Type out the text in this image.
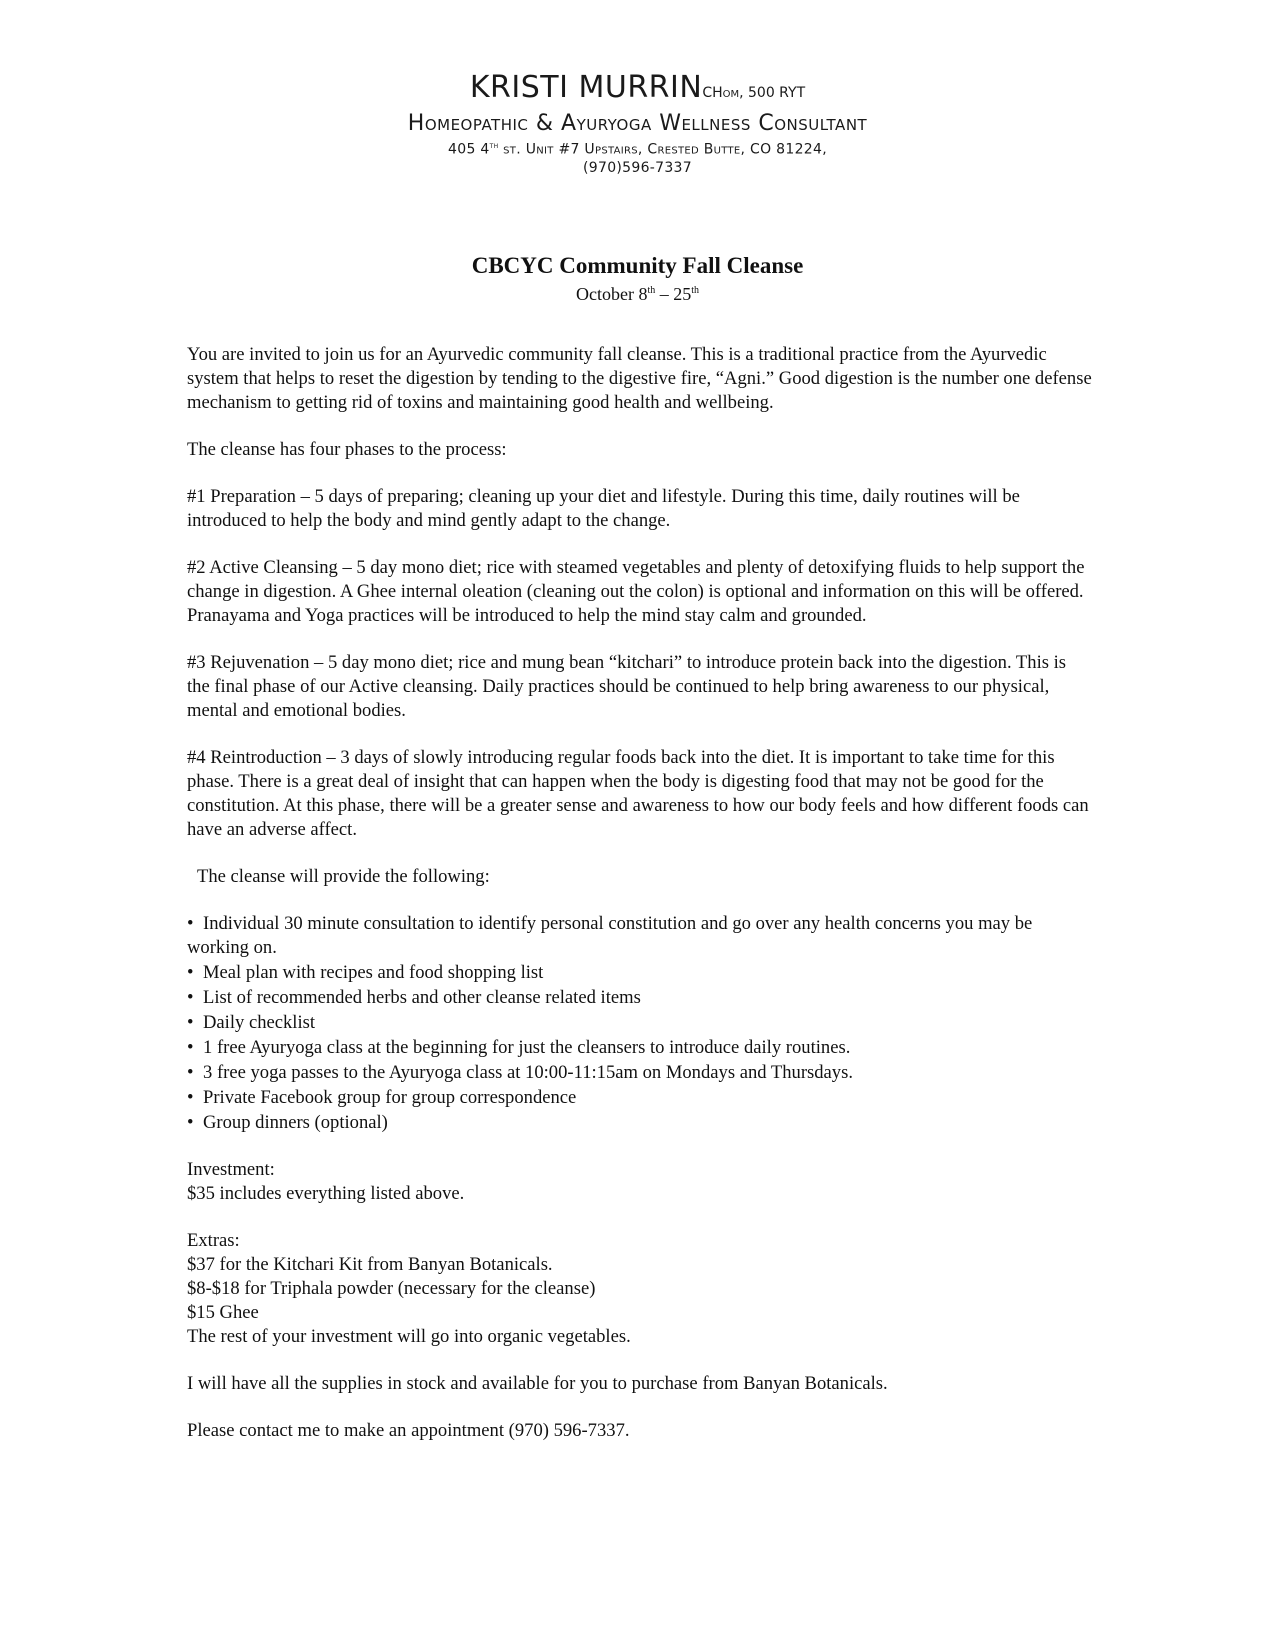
KRISTI MURRINCHom, 500 RYT
Homeopathic & Ayuryoga Wellness Consultant
405 4th st. Unit #7 Upstairs, Crested Butte, CO 81224,
(970)596-7337
CBCYC Community Fall Cleanse
October 8th – 25th

You are invited to join us for an Ayurvedic community fall cleanse. This is a traditional practice from the Ayurvedic system that helps to reset the digestion by tending to the digestive fire, “Agni.” Good digestion is the number one defense mechanism to getting rid of toxins and maintaining good health and wellbeing.

The cleanse has four phases to the process:

#1 Preparation – 5 days of preparing; cleaning up your diet and lifestyle. During this time, daily routines will be introduced to help the body and mind gently adapt to the change.

#2 Active Cleansing – 5 day mono diet; rice with steamed vegetables and plenty of detoxifying fluids to help support the change in digestion. A Ghee internal oleation (cleaning out the colon) is optional and information on this will be offered. Pranayama and Yoga practices will be introduced to help the mind stay calm and grounded.

#3 Rejuvenation – 5 day mono diet; rice and mung bean “kitchari” to introduce protein back into the digestion. This is the final phase of our Active cleansing. Daily practices should be continued to help bring awareness to our physical, mental and emotional bodies.

#4 Reintroduction – 3 days of slowly introducing regular foods back into the diet. It is important to take time for this phase. There is a great deal of insight that can happen when the body is digesting food that may not be good for the constitution. At this phase, there will be a greater sense and awareness to how our body feels and how different foods can have an adverse affect.

The cleanse will provide the following:

• Individual 30 minute consultation to identify personal constitution and go over any health concerns you may be working on.
• Meal plan with recipes and food shopping list
• List of recommended herbs and other cleanse related items
• Daily checklist
• 1 free Ayuryoga class at the beginning for just the cleansers to introduce daily routines.
• 3 free yoga passes to the Ayuryoga class at 10:00-11:15am on Mondays and Thursdays.
• Private Facebook group for group correspondence
• Group dinners (optional)

Investment:
$35 includes everything listed above.

Extras:
$37 for the Kitchari Kit from Banyan Botanicals.
$8-$18 for Triphala powder (necessary for the cleanse)
$15 Ghee
The rest of your investment will go into organic vegetables.

I will have all the supplies in stock and available for you to purchase from Banyan Botanicals.

Please contact me to make an appointment (970) 596-7337.
